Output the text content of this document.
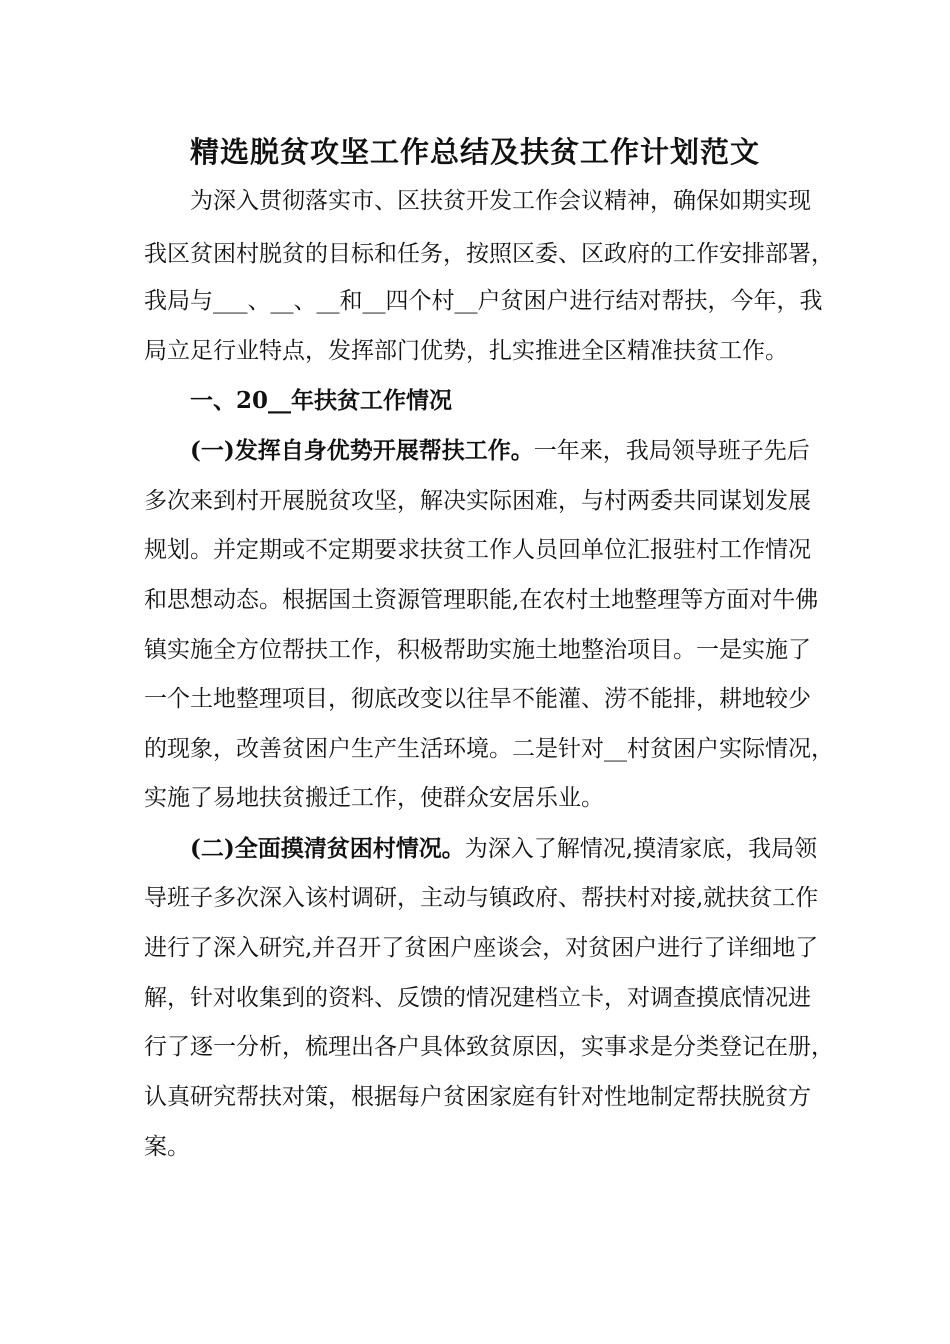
精选脱贫攻坚工作总结及扶贫工作计划范文
为深入贯彻落实市、区扶贫开发工作会议精神，确保如期实现
我区贫困村脱贫的目标和任务，按照区委、区政府的工作安排部署，
我局与___、__、__和__四个村__户贫困户进行结对帮扶，今年，我
局立足行业特点，发挥部门优势，扎实推进全区精准扶贫工作。
一、20__年扶贫工作情况
(一)发挥自身优势开展帮扶工作。一年来，我局领导班子先后
多次来到村开展脱贫攻坚，解决实际困难，与村两委共同谋划发展
规划。并定期或不定期要求扶贫工作人员回单位汇报驻村工作情况
和思想动态。根据国土资源管理职能,在农村土地整理等方面对牛佛
镇实施全方位帮扶工作，积极帮助实施土地整治项目。一是实施了
一个土地整理项目，彻底改变以往旱不能灌、涝不能排，耕地较少
的现象，改善贫困户生产生活环境。二是针对__村贫困户实际情况，
实施了易地扶贫搬迁工作，使群众安居乐业。
(二)全面摸清贫困村情况。为深入了解情况,摸清家底，我局领
导班子多次深入该村调研，主动与镇政府、帮扶村对接,就扶贫工作
进行了深入研究,并召开了贫困户座谈会，对贫困户进行了详细地了
解，针对收集到的资料、反馈的情况建档立卡，对调查摸底情况进
行了逐一分析，梳理出各户具体致贫原因，实事求是分类登记在册，
认真研究帮扶对策，根据每户贫困家庭有针对性地制定帮扶脱贫方
案。
